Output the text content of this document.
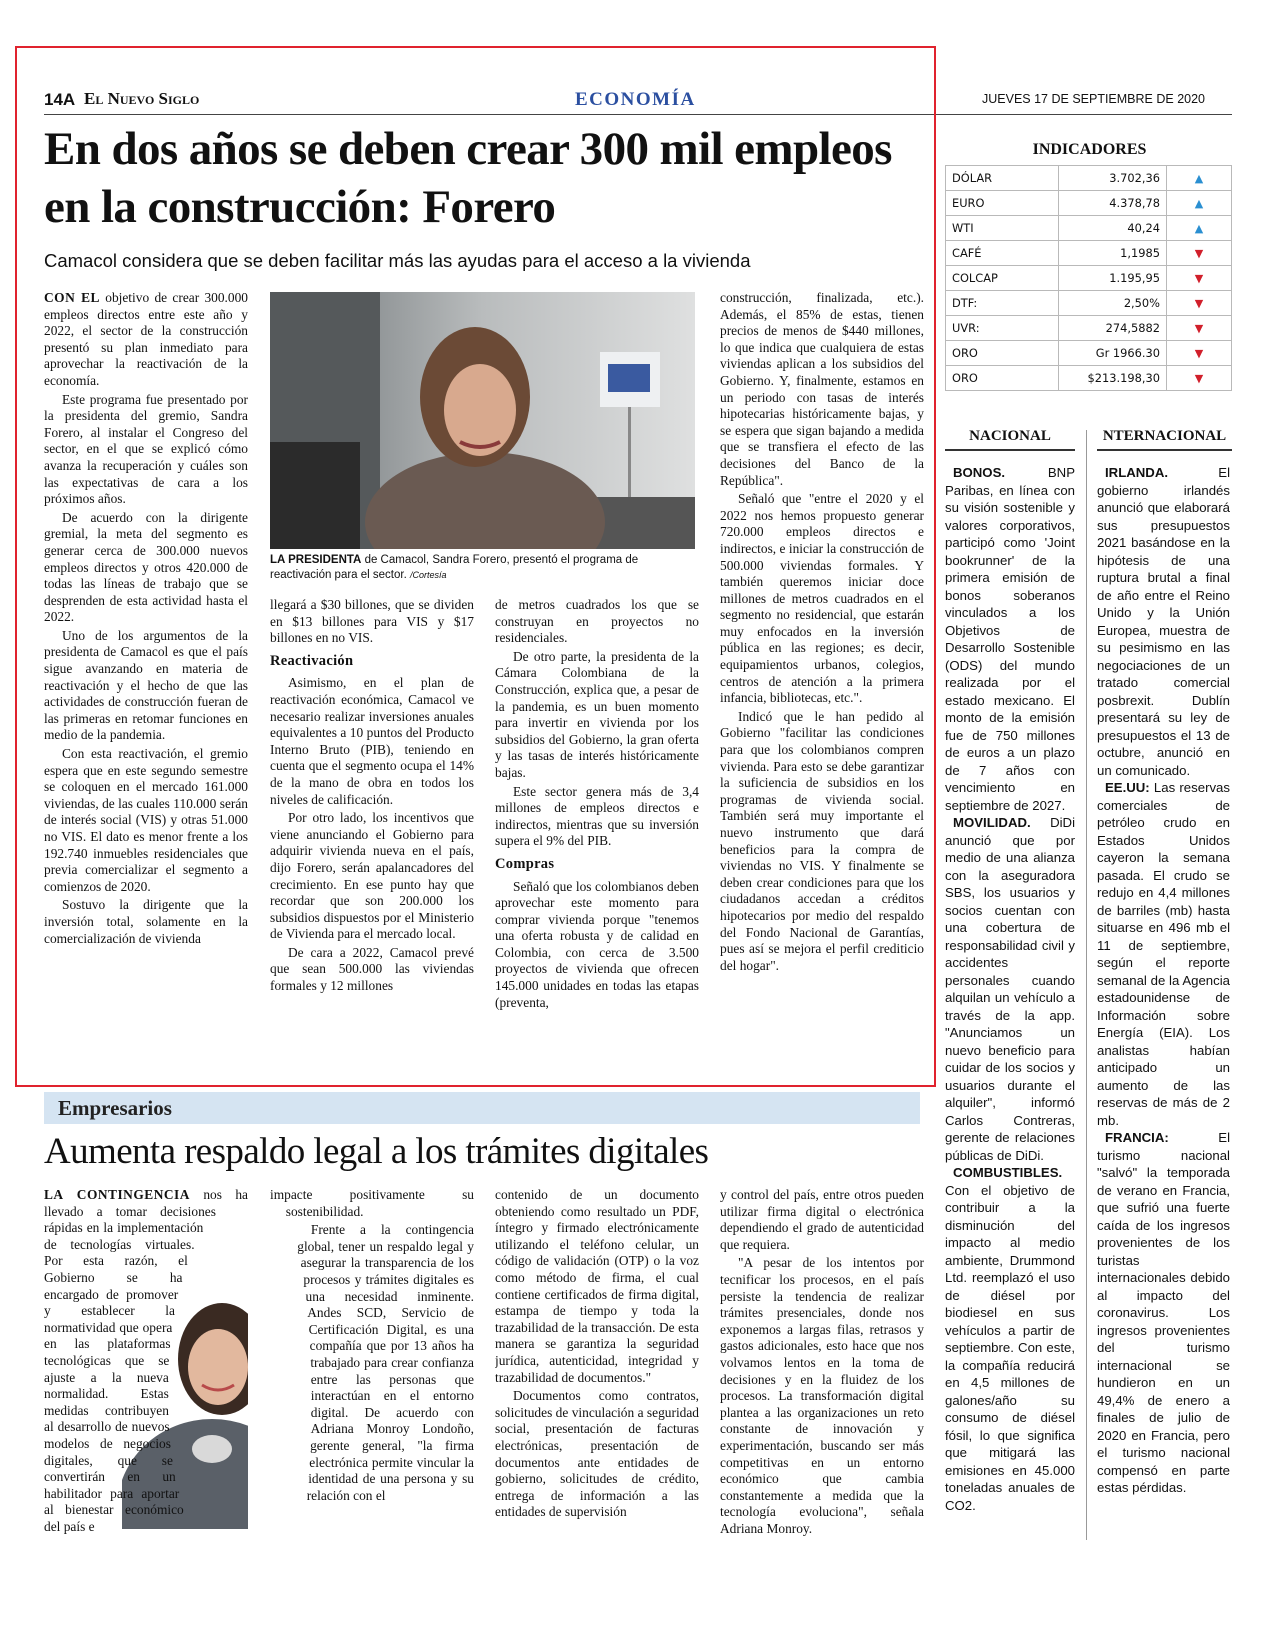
14A El Nuevo Siglo	ECONOMÍA	JUEVES 17 DE SEPTIEMBRE DE 2020
En dos años se deben crear 300 mil empleos en la construcción: Forero
Camacol considera que se deben facilitar más las ayudas para el acceso a la vivienda

CON EL objetivo de crear 300.000 empleos directos entre este año y 2022, el sector de la construcción presentó su plan inmediato para aprovechar la reactivación de la economía.

Este programa fue presentado por la presidenta del gremio, Sandra Forero, al instalar el Congreso del sector, en el que se explicó cómo avanza la recuperación y cuáles son las expectativas de cara a los próximos años.

De acuerdo con la dirigente gremial, la meta del segmento es generar cerca de 300.000 nuevos empleos directos y otros 420.000 de todas las líneas de trabajo que se desprenden de esta actividad hasta el 2022.

Uno de los argumentos de la presidenta de Camacol es que el país sigue avanzando en materia de reactivación y el hecho de que las actividades de construcción fueran de las primeras en retomar funciones en medio de la pandemia.

Con esta reactivación, el gremio espera que en este segundo semestre se coloquen en el mercado 161.000 viviendas, de las cuales 110.000 serán de interés social (VIS) y otras 51.000 no VIS. El dato es menor frente a los 192.740 inmuebles residenciales que previa comercializar el segmento a comienzos de 2020.

Sostuvo la dirigente que la inversión total, solamente en la comercialización de vivienda

LA PRESIDENTA de Camacol, Sandra Forero, presentó el programa de reactivación para el sector. /Cortesía

llegará a $30 billones, que se dividen en $13 billones para VIS y $17 billones en no VIS.

Reactivación

Asimismo, en el plan de reactivación económica, Camacol ve necesario realizar inversiones anuales equivalentes a 10 puntos del Producto Interno Bruto (PIB), teniendo en cuenta que el segmento ocupa el 14% de la mano de obra en todos los niveles de calificación.

Por otro lado, los incentivos que viene anunciando el Gobierno para adquirir vivienda nueva en el país, dijo Forero, serán apalancadores del crecimiento. En ese punto hay que recordar que son 200.000 los subsidios dispuestos por el Ministerio de Vivienda para el mercado local.

De cara a 2022, Camacol prevé que sean 500.000 las viviendas formales y 12 millones

de metros cuadrados los que se construyan en proyectos no residenciales.

De otro parte, la presidenta de la Cámara Colombiana de la Construcción, explica que, a pesar de la pandemia, es un buen momento para invertir en vivienda por los subsidios del Gobierno, la gran oferta y las tasas de interés históricamente bajas.

Este sector genera más de 3,4 millones de empleos directos e indirectos, mientras que su inversión supera el 9% del PIB.

Compras

Señaló que los colombianos deben aprovechar este momento para comprar vivienda porque "tenemos una oferta robusta y de calidad en Colombia, con cerca de 3.500 proyectos de vivienda que ofrecen 145.000 unidades en todas las etapas (preventa,

construcción, finalizada, etc.). Además, el 85% de estas, tienen precios de menos de $440 millones, lo que indica que cualquiera de estas viviendas aplican a los subsidios del Gobierno. Y, finalmente, estamos en un periodo con tasas de interés hipotecarias históricamente bajas, y se espera que sigan bajando a medida que se transfiera el efecto de las decisiones del Banco de la República".

Señaló que "entre el 2020 y el 2022 nos hemos propuesto generar 720.000 empleos directos e indirectos, e iniciar la construcción de 500.000 viviendas formales. Y también queremos iniciar doce millones de metros cuadrados en el segmento no residencial, que estarán muy enfocados en la inversión pública en las regiones; es decir, equipamientos urbanos, colegios, centros de atención a la primera infancia, bibliotecas, etc.".

Indicó que le han pedido al Gobierno "facilitar las condiciones para que los colombianos compren vivienda. Para esto se debe garantizar la suficiencia de subsidios en los programas de vivienda social. También será muy importante el nuevo instrumento que dará beneficios para la compra de viviendas no VIS. Y finalmente se deben crear condiciones para que los ciudadanos accedan a créditos hipotecarios por medio del respaldo del Fondo Nacional de Garantías, pues así se mejora el perfil crediticio del hogar".

INDICADORES
DÓLAR	3.702,36	▲
EURO	4.378,78	▲
WTI	40,24	▲
CAFÉ	1,1985	▼
COLCAP	1.195,95	▼
DTF:	2,50%	▼
UVR:	274,5882	▼
ORO	Gr 1966.30	▼
ORO	$213.198,30	▼
NACIONAL

BONOS. BNP Paribas, en línea con su visión sostenible y valores corporativos, participó como 'Joint bookrunner' de la primera emisión de bonos soberanos vinculados a los Objetivos de Desarrollo Sostenible (ODS) del mundo realizada por el estado mexicano. El monto de la emisión fue de 750 millones de euros a un plazo de 7 años con vencimiento en septiembre de 2027.

MOVILIDAD. DiDi anunció que por medio de una alianza con la aseguradora SBS, los usuarios y socios cuentan con una cobertura de responsabilidad civil y accidentes personales cuando alquilan un vehículo a través de la app. "Anunciamos un nuevo beneficio para cuidar de los socios y usuarios durante el alquiler", informó Carlos Contreras, gerente de relaciones públicas de DiDi.

COMBUSTIBLES. Con el objetivo de contribuir a la disminución del impacto al medio ambiente, Drummond Ltd. reemplazó el uso de diésel por biodiesel en sus vehículos a partir de septiembre. Con este, la compañía reducirá en 4,5 millones de galones/año su consumo de diésel fósil, lo que significa que mitigará las emisiones en 45.000 toneladas anuales de CO2.

NTERNACIONAL

IRLANDA. El gobierno irlandés anunció que elaborará sus presupuestos 2021 basándose en la hipótesis de una ruptura brutal a final de año entre el Reino Unido y la Unión Europea, muestra de su pesimismo en las negociaciones de un tratado comercial posbrexit. Dublín presentará su ley de presupuestos el 13 de octubre, anunció en un comunicado.

EE.UU: Las reservas comerciales de petróleo crudo en Estados Unidos cayeron la semana pasada. El crudo se redujo en 4,4 millones de barriles (mb) hasta situarse en 496 mb el 11 de septiembre, según el reporte semanal de la Agencia estadounidense de Información sobre Energía (EIA). Los analistas habían anticipado un aumento de las reservas de más de 2 mb.

FRANCIA: El turismo nacional "salvó" la temporada de verano en Francia, que sufrió una fuerte caída de los ingresos provenientes de los turistas internacionales debido al impacto del coronavirus. Los ingresos provenientes del turismo internacional se hundieron en un 49,4% de enero a finales de julio de 2020 en Francia, pero el turismo nacional compensó en parte estas pérdidas.

Empresarios
Aumenta respaldo legal a los trámites digitales

LA CONTINGENCIA nos ha llevado a tomar decisiones rápidas en la implementación de tecnologías virtuales. Por esta razón, el Gobierno se ha encargado de promover y establecer la normatividad que opera en las plataformas tecnológicas que se ajuste a la nueva normalidad. Estas medidas contribuyen al desarrollo de nuevos modelos de negocios digitales, que se convertirán en un habilitador para aportar al bienestar económico del país e

impacte positivamente su sostenibilidad.

Frente a la contingencia global, tener un respaldo legal y asegurar la transparencia de los procesos y trámites digitales es una necesidad inminente. Andes SCD, Servicio de Certificación Digital, es una compañía que por 13 años ha trabajado para crear confianza entre las personas que interactúan en el entorno digital. De acuerdo con Adriana Monroy Londoño, gerente general, "la firma electrónica permite vincular la identidad de una persona y su relación con el

contenido de un documento obteniendo como resultado un PDF, íntegro y firmado electrónicamente utilizando el teléfono celular, un código de validación (OTP) o la voz como método de firma, el cual contiene certificados de firma digital, estampa de tiempo y toda la trazabilidad de la transacción. De esta manera se garantiza la seguridad jurídica, autenticidad, integridad y trazabilidad de documentos."

Documentos como contratos, solicitudes de vinculación a seguridad social, presentación de facturas electrónicas, presentación de documentos ante entidades de gobierno, solicitudes de crédito, entrega de información a las entidades de supervisión

y control del país, entre otros pueden utilizar firma digital o electrónica dependiendo el grado de autenticidad que requiera.

"A pesar de los intentos por tecnificar los procesos, en el país persiste la tendencia de realizar trámites presenciales, donde nos exponemos a largas filas, retrasos y gastos adicionales, esto hace que nos volvamos lentos en la toma de decisiones y en la fluidez de los procesos. La transformación digital plantea a las organizaciones un reto constante de innovación y experimentación, buscando ser más competitivas en un entorno económico que cambia constantemente a medida que la tecnología evoluciona", señala Adriana Monroy.
